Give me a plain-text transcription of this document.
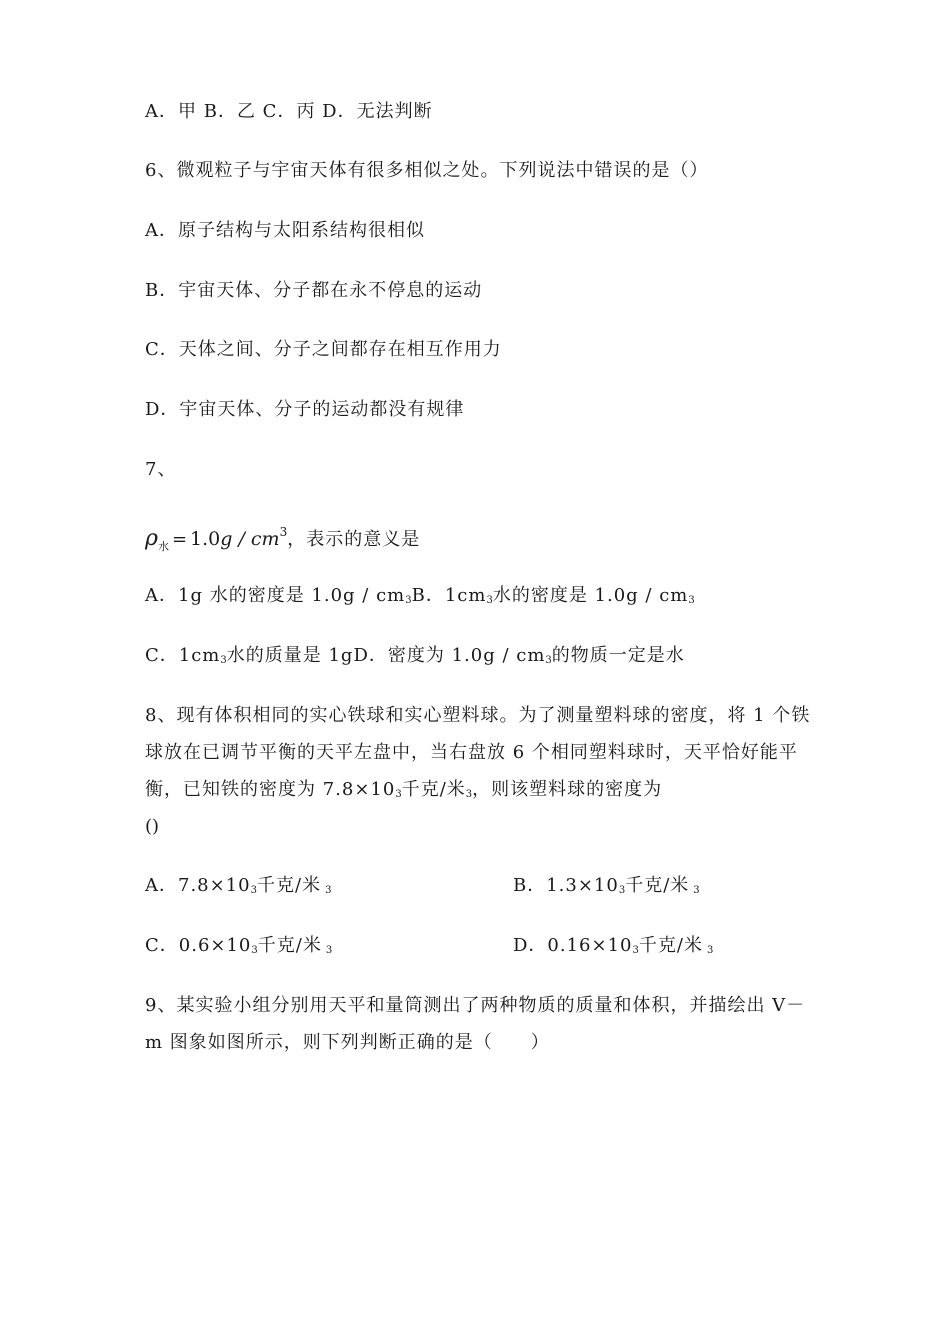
A．甲 B．乙 C．丙 D．无法判断
6、微观粒子与宇宙天体有很多相似之处。下列说法中错误的是（）
A．原子结构与太阳系结构很相似
B．宇宙天体、分子都在永不停息的运动
C．天体之间、分子之间都存在相互作用力
D．宇宙天体、分子的运动都没有规律
7、
$\rho_水 = 1.0g / cm^3$，表示的意义是
A．1g 水的密度是 $1.0g / cm_3B$．$1cm_3$水的密度是 $1.0g / cm_3$
C．$1cm_3$水的质量是 1gD．密度为 $1.0g / cm_3$的物质一定是水
8、现有体积相同的实心铁球和实心塑料球。为了测量塑料球的密度，将 1 个铁
球放在已调节平衡的天平左盘中，当右盘放 6 个相同塑料球时，天平恰好能平
衡，已知铁的密度为 $7.8\times 10_3$千克/米$_3$，则该塑料球的密度为
()
A．$7.8\times 10_3$千克/米 $_3$	B．$1.3\times 10_3$千克/米 $_3$
C．$0.6\times 10_3$千克/米 $_3$	D．$0.16\times 10_3$千克/米 $_3$
9、某实验小组分别用天平和量筒测出了两种物质的质量和体积，并描绘出 V－
m 图象如图所示，则下列判断正确的是（　　）
